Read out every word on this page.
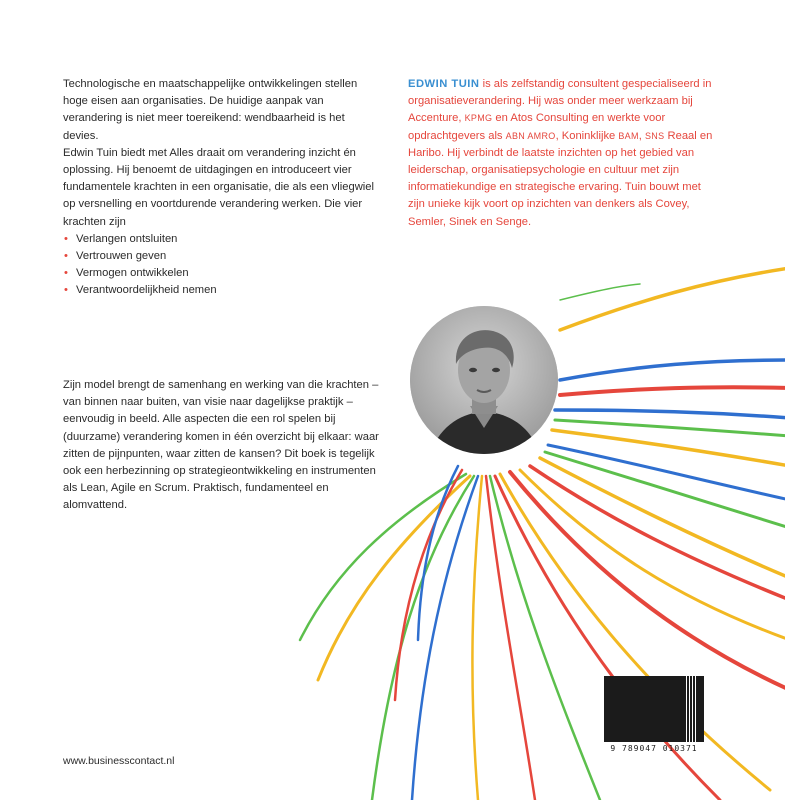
Technologische en maatschappelijke ontwikkelingen stellen hoge eisen aan organisaties. De huidige aanpak van verandering is niet meer toereikend: wendbaarheid is het devies.

Edwin Tuin biedt met Alles draait om verandering inzicht én oplossing. Hij benoemt de uitdagingen en introduceert vier fundamentele krachten in een organisatie, die als een vliegwiel op versnelling en voortdurende verandering werken. Die vier krachten zijn

• Verlangen ontsluiten
• Vertrouwen geven
• Vermogen ontwikkelen
• Verantwoordelijkheid nemen

Zijn model brengt de samenhang en werking van die krachten – van binnen naar buiten, van visie naar dagelijkse praktijk – eenvoudig in beeld. Alle aspecten die een rol spelen bij (duurzame) verandering komen in één overzicht bij elkaar: waar zitten de pijnpunten, waar zitten de kansen? Dit boek is tegelijk ook een herbezinning op strategieontwikkeling en instrumenten als Lean, Agile en Scrum. Praktisch, fundamenteel en alomvattend.

EDWIN TUIN is als zelfstandig consultent gespecialiseerd in organisatieverandering. Hij was onder meer werkzaam bij Accenture, KPMG en Atos Consulting en werkte voor opdrachtgevers als ABN AMRO, Koninklijke BAM, SNS Reaal en Haribo. Hij verbindt de laatste inzichten op het gebied van leiderschap, organisatiepsychologie en cultuur met zijn informatiekundige en strategische ervaring. Tuin bouwt met zijn unieke kijk voort op inzichten van denkers als Covey, Semler, Sinek en Senge.

www.businesscontact.nl

9 789047 010371
